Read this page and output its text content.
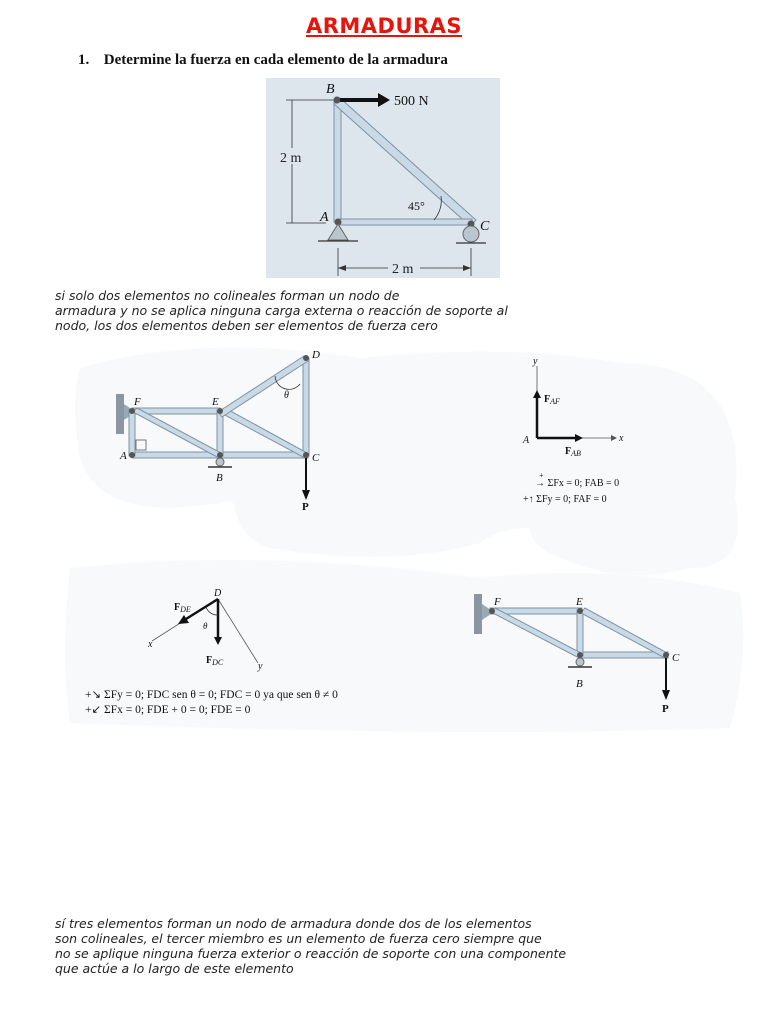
ARMADURAS
1. Determine la fuerza en cada elemento de la armadura
2 m
500 N
B
A
C
45°
2 m
si solo dos elementos no colineales forman un nodo de
armadura y no se aplica ninguna carga externa o reacción de soporte al
nodo, los dos elementos deben ser elementos de fuerza cero
θ
D
F	E
A	C
B
P
y
x
$F_{AF}$
$F_{AB}$
A
+
→ ΣFx = 0; FAB = 0
+↑ ΣFy = 0; FAF = 0
x
y
D
$F_{DE}$
$F_{DC}$
θ
+↘ ΣFy = 0; FDC sen θ = 0; FDC = 0 ya que sen θ ≠ 0
+↙ ΣFx = 0; FDE + 0 = 0; FDE = 0
F	E
C
B
P
sí tres elementos forman un nodo de armadura donde dos de los elementos
son colineales, el tercer miembro es un elemento de fuerza cero siempre que
no se aplique ninguna fuerza exterior o reacción de soporte con una componente
que actúe a lo largo de este elemento
